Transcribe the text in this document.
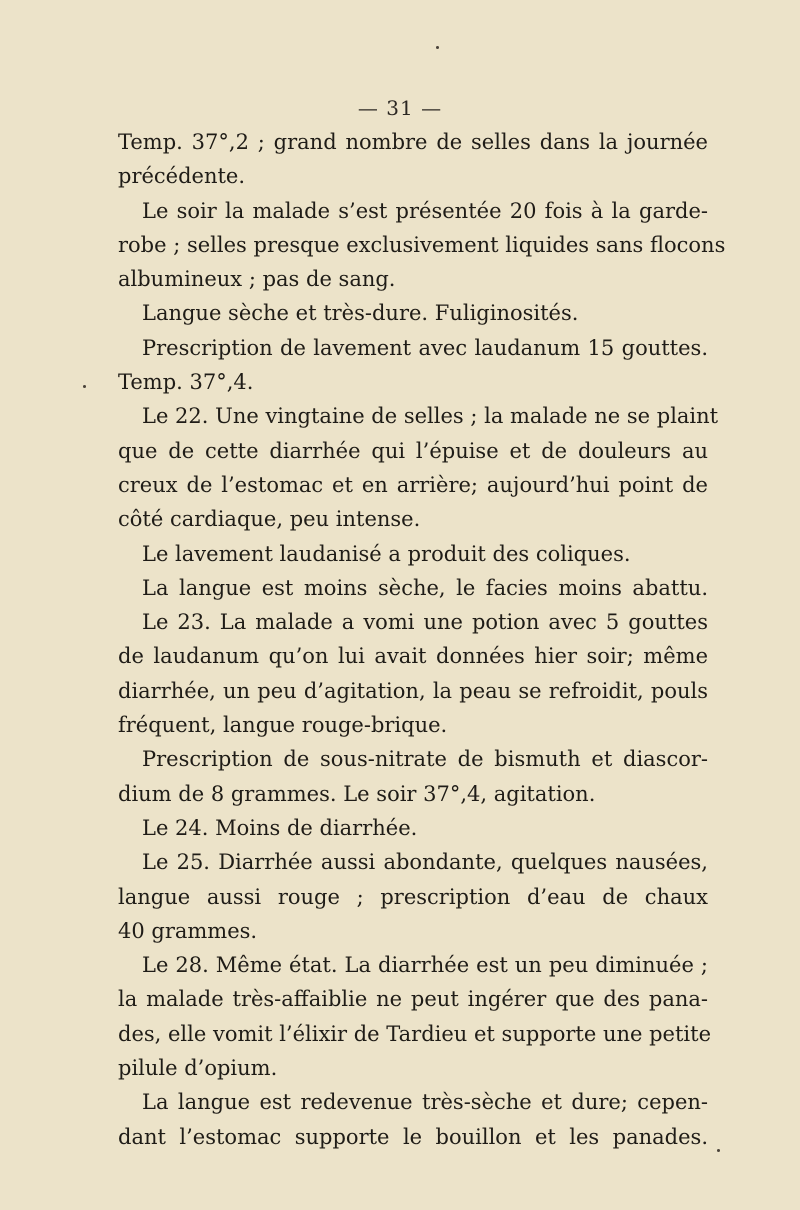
— 31 —
Temp. 37°,2 ; grand nombre de selles dans la journée
précédente.
Le soir la malade s’est présentée 20 fois à la garde-
robe ; selles presque exclusivement liquides sans flocons
albumineux ; pas de sang.
Langue sèche et très-dure. Fuliginosités.
Prescription de lavement avec laudanum 15 gouttes.
Temp. 37°,4.
Le 22. Une vingtaine de selles ; la malade ne se plaint
que de cette diarrhée qui l’épuise et de douleurs au
creux de l’estomac et en arrière; aujourd’hui point de
côté cardiaque, peu intense.
Le lavement laudanisé a produit des coliques.
La langue est moins sèche, le facies moins abattu.
Le 23. La malade a vomi une potion avec 5 gouttes
de laudanum qu’on lui avait données hier soir; même
diarrhée, un peu d’agitation, la peau se refroidit, pouls
fréquent, langue rouge-brique.
Prescription de sous-nitrate de bismuth et diascor-
dium de 8 grammes. Le soir 37°,4, agitation.
Le 24. Moins de diarrhée.
Le 25. Diarrhée aussi abondante, quelques nausées,
langue aussi rouge ; prescription d’eau de chaux
40 grammes.
Le 28. Même état. La diarrhée est un peu diminuée ;
la malade très-affaiblie ne peut ingérer que des pana-
des, elle vomit l’élixir de Tardieu et supporte une petite
pilule d’opium.
La langue est redevenue très-sèche et dure; cepen-
dant l’estomac supporte le bouillon et les panades.
